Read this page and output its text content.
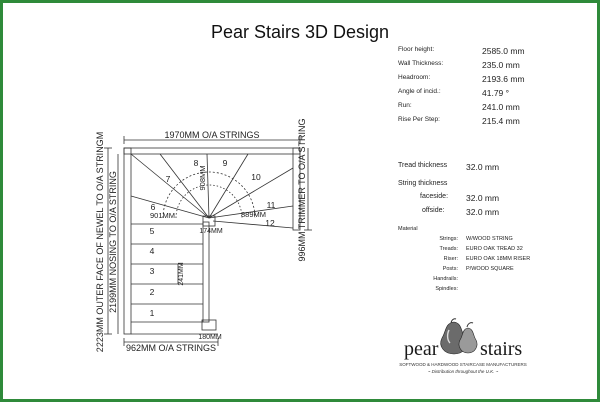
Pear Stairs 3D Design
1970MM O/A STRINGS
962MM O/A STRINGS
2223MM OUTER FACE OF NEWEL TO O/A STRINGM 2199MM NOSING TO O/A STRING	996MM TRIMMER TO O/A STRING
901MM
908MM
889MM
174MM
180MM
241MM
1
2
3
4
5
6
7
8	9
10
11
12
Floor height:	2585.0 mm
Wall Thickness:	235.0 mm
Headroom:	2193.6 mm
Angle of incid.:	41.79 °
Run:	241.0 mm
Rise Per Step:	215.4 mm
Tread thickness 32.0 mm
String thickness
faceside: 32.0 mm
offside:	32.0 mm
Material
Strings: W/WOOD STRING
Treads: EURO OAK TREAD 32
Riser: EURO OAK 18MM RISER
Posts: P/WOOD SQUARE
Handrails:
Spindles:
pear stairs
SOFTWOOD & HARDWOOD STAIRCASE MANUFACTURERS
~ Distribution throughout the U.K. ~
